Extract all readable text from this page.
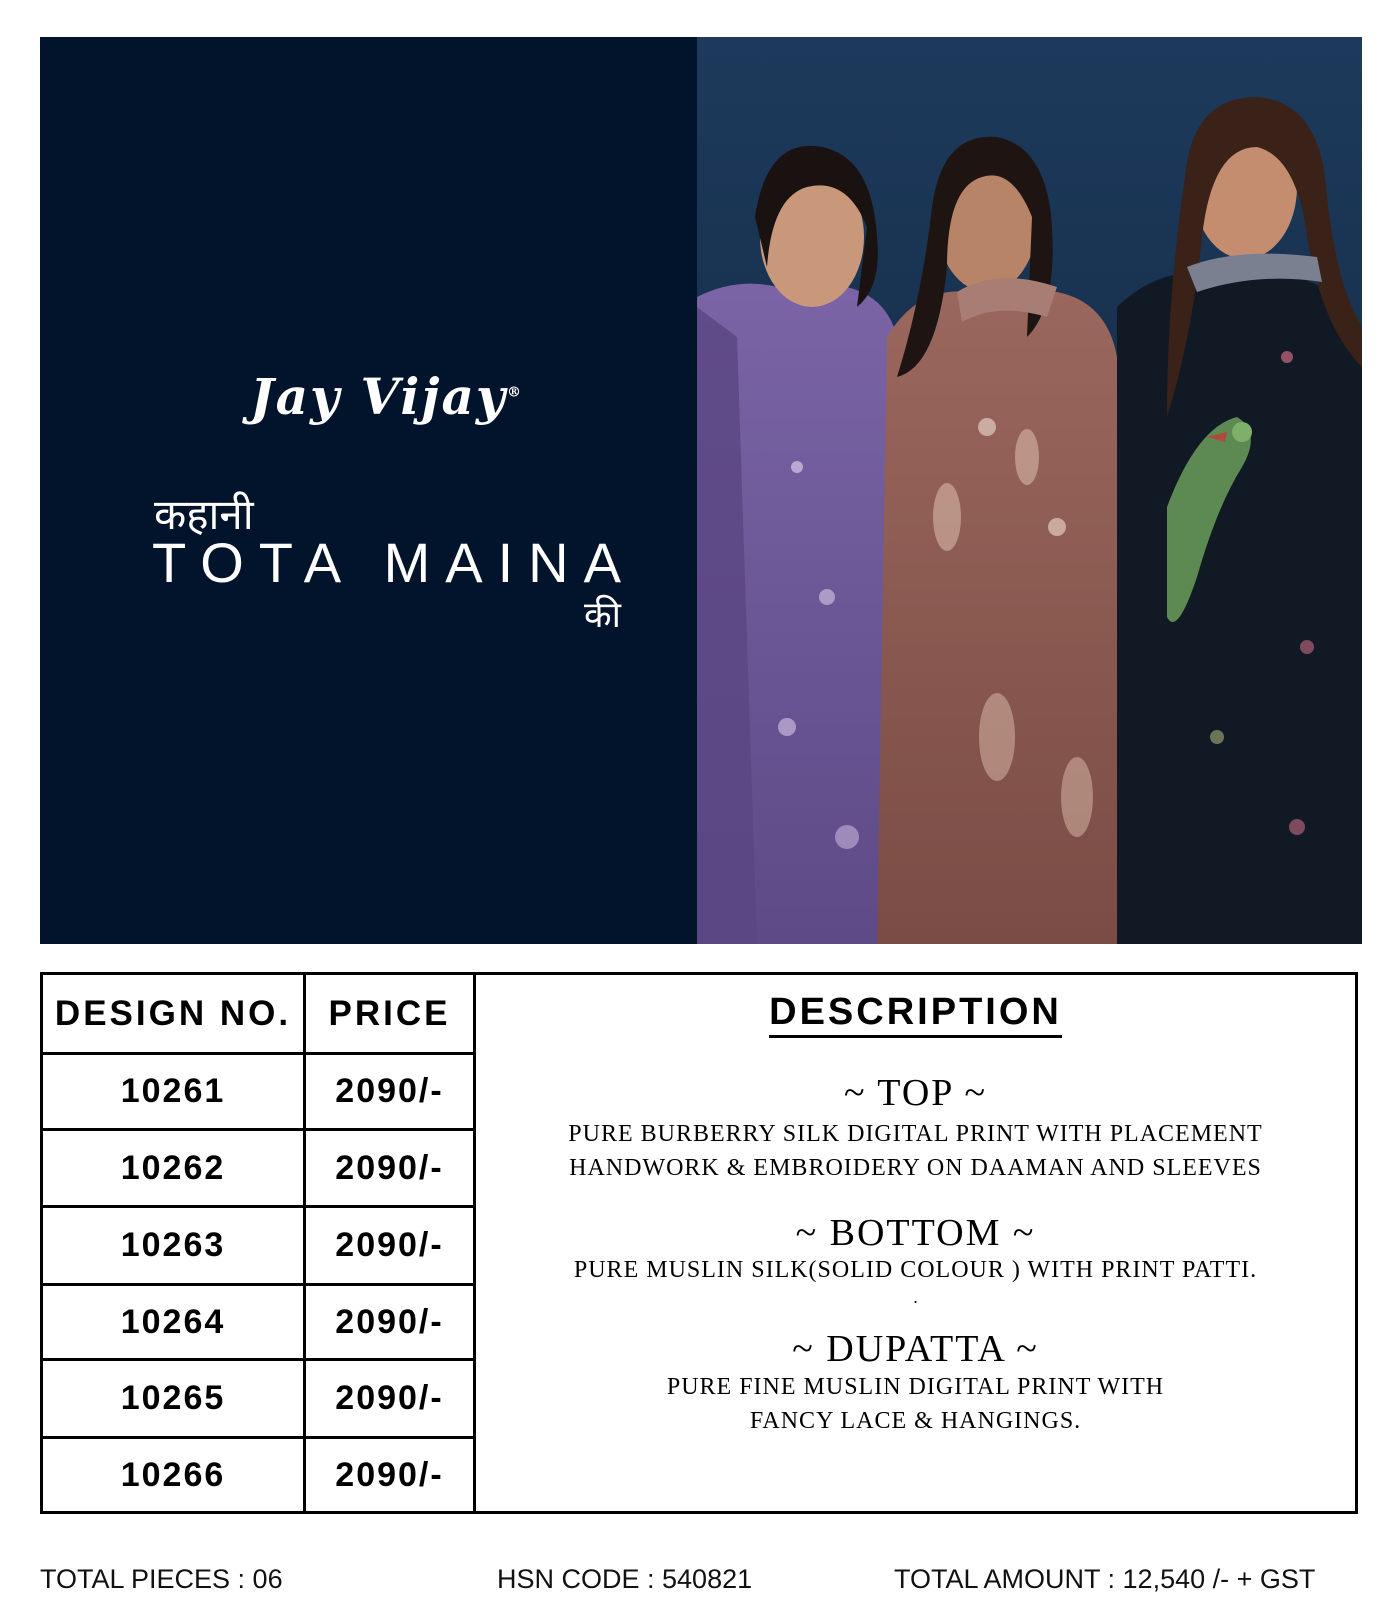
Jay Vijay®
कहानी
TOTA MAINA
की
DESIGN NO.
10261
10262
10263
10264
10265
10266
PRICE
2090/-
2090/-
2090/-
2090/-
2090/-
2090/-
DESCRIPTION
~ TOP ~
PURE BURBERRY SILK DIGITAL PRINT WITH PLACEMENT
HANDWORK & EMBROIDERY ON DAAMAN AND SLEEVES
~ BOTTOM ~
PURE MUSLIN SILK(SOLID COLOUR ) WITH PRINT PATTI.
.
~ DUPATTA ~
PURE FINE MUSLIN DIGITAL PRINT WITH
FANCY LACE & HANGINGS.
TOTAL PIECES : 06	HSN CODE : 540821	TOTAL AMOUNT : 12,540 /- + GST
